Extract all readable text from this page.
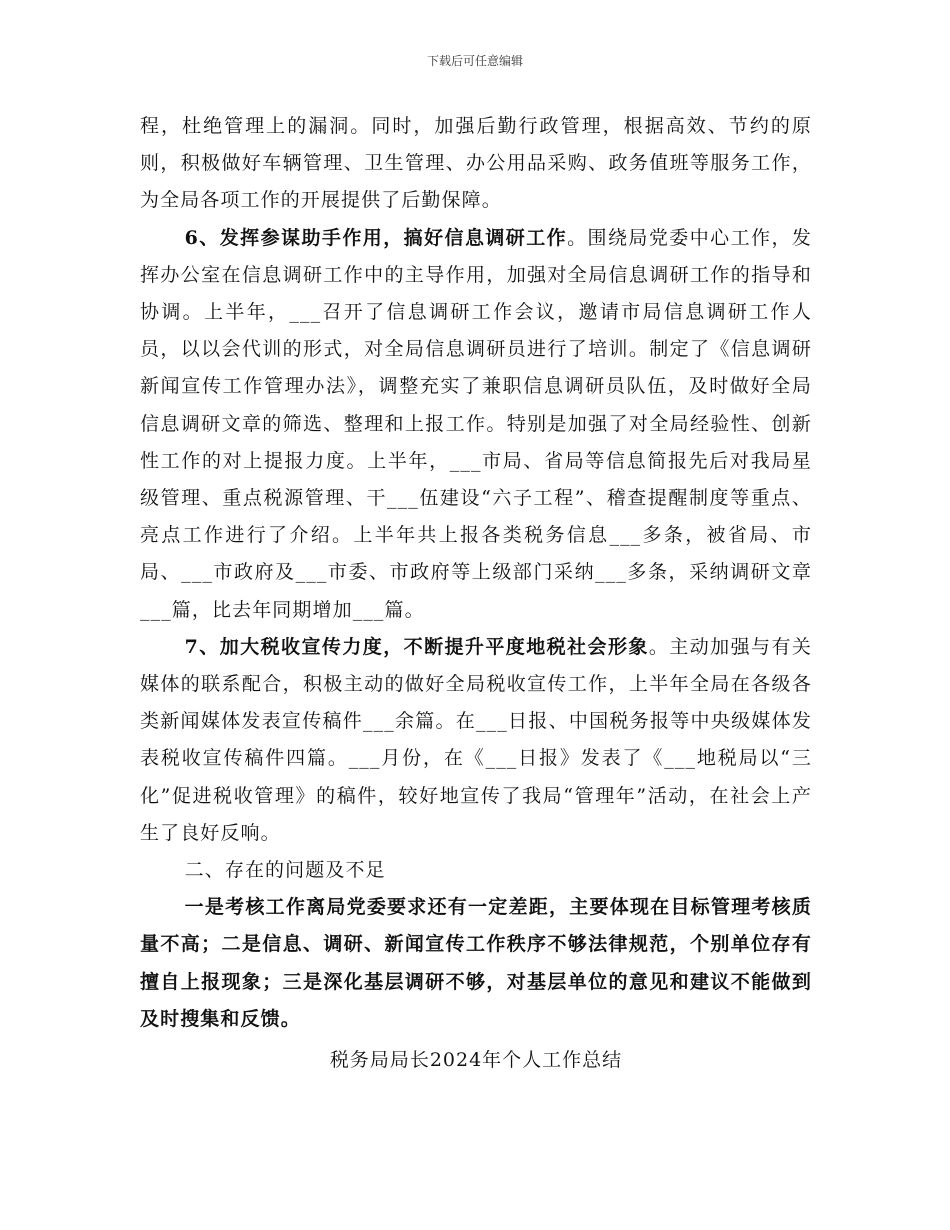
下载后可任意编辑

程，杜绝管理上的漏洞。同时，加强后勤行政管理，根据高效、节约的原则，积极做好车辆管理、卫生管理、办公用品采购、政务值班等服务工作，为全局各项工作的开展提供了后勤保障。

6、发挥参谋助手作用，搞好信息调研工作。围绕局党委中心工作，发挥办公室在信息调研工作中的主导作用，加强对全局信息调研工作的指导和协调。上半年，___召开了信息调研工作会议，邀请市局信息调研工作人员，以以会代训的形式，对全局信息调研员进行了培训。制定了《信息调研新闻宣传工作管理办法》，调整充实了兼职信息调研员队伍，及时做好全局信息调研文章的筛选、整理和上报工作。特别是加强了对全局经验性、创新性工作的对上提报力度。上半年，___市局、省局等信息简报先后对我局星级管理、重点税源管理、干___伍建设“六子工程”、稽查提醒制度等重点、亮点工作进行了介绍。上半年共上报各类税务信息___多条，被省局、市局、___市政府及___市委、市政府等上级部门采纳___多条，采纳调研文章___篇，比去年同期增加___篇。

7、加大税收宣传力度，不断提升平度地税社会形象。主动加强与有关媒体的联系配合，积极主动的做好全局税收宣传工作，上半年全局在各级各类新闻媒体发表宣传稿件___余篇。在___日报、中国税务报等中央级媒体发表税收宣传稿件四篇。___月份，在《___日报》发表了《___地税局以“三化”促进税收管理》的稿件，较好地宣传了我局“管理年”活动，在社会上产生了良好反响。

二、存在的问题及不足

一是考核工作离局党委要求还有一定差距，主要体现在目标管理考核质量不高；二是信息、调研、新闻宣传工作秩序不够法律规范，个别单位存有擅自上报现象；三是深化基层调研不够，对基层单位的意见和建议不能做到及时搜集和反馈。

税务局局长2024年个人工作总结
